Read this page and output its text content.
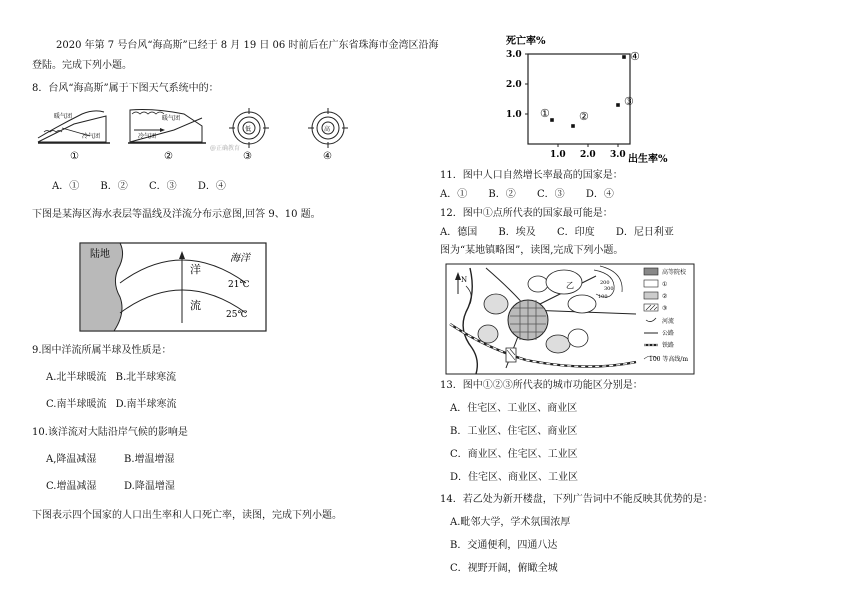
2020 年第 7 号台风“海高斯”已经于 8 月 19 日 06 时前后在广东省珠海市金湾区沿海
登陆。完成下列小题。
8．台风“海高斯”属于下图天气系统中的：
暖气团
冷气团
①
暖气团
冷气团
②
低
③
@正确教育
高
④
A．① B．② C．③ D．④
下图是某海区海水表层等温线及洋流分布示意图,回答 9、10 题。
陆地
洋
流
海洋
21℃
25℃
9.图中洋流所属半球及性质是：
A.北半球暖流 B.北半球寒流
C.南半球暖流 D.南半球寒流
10.该洋流对大陆沿岸气候的影响是
A,降温减湿	B.增温增湿
C.增温减湿	D.降温增湿
下图表示四个国家的人口出生率和人口死亡率，读图，完成下列小题。
死亡率%
1.0 2.0 3.0
1.0
2.0
3.0
①	②
③
④
出生率%
11．图中人口自然增长率最高的国家是：
A．① B．② C．③ D．④
12．图中①点所代表的国家最可能是：
A．德国 B．埃及 C．印度 D．尼日利亚
图为“某地镇略图”，读图,完成下列小题。
N
乙	200
300
100
高等院校
①
②
③
河流
公路
铁路
100 等高线/m
13．图中①②③所代表的城市功能区分别是：
A．住宅区、工业区、商业区
B．工业区、住宅区、商业区
C．商业区、住宅区、工业区
D．住宅区、商业区、工业区
14．若乙处为新开楼盘，下列广告词中不能反映其优势的是：
A.毗邻大学，学术氛围浓厚
B．交通便利，四通八达
C．视野开阔，俯瞰全城
